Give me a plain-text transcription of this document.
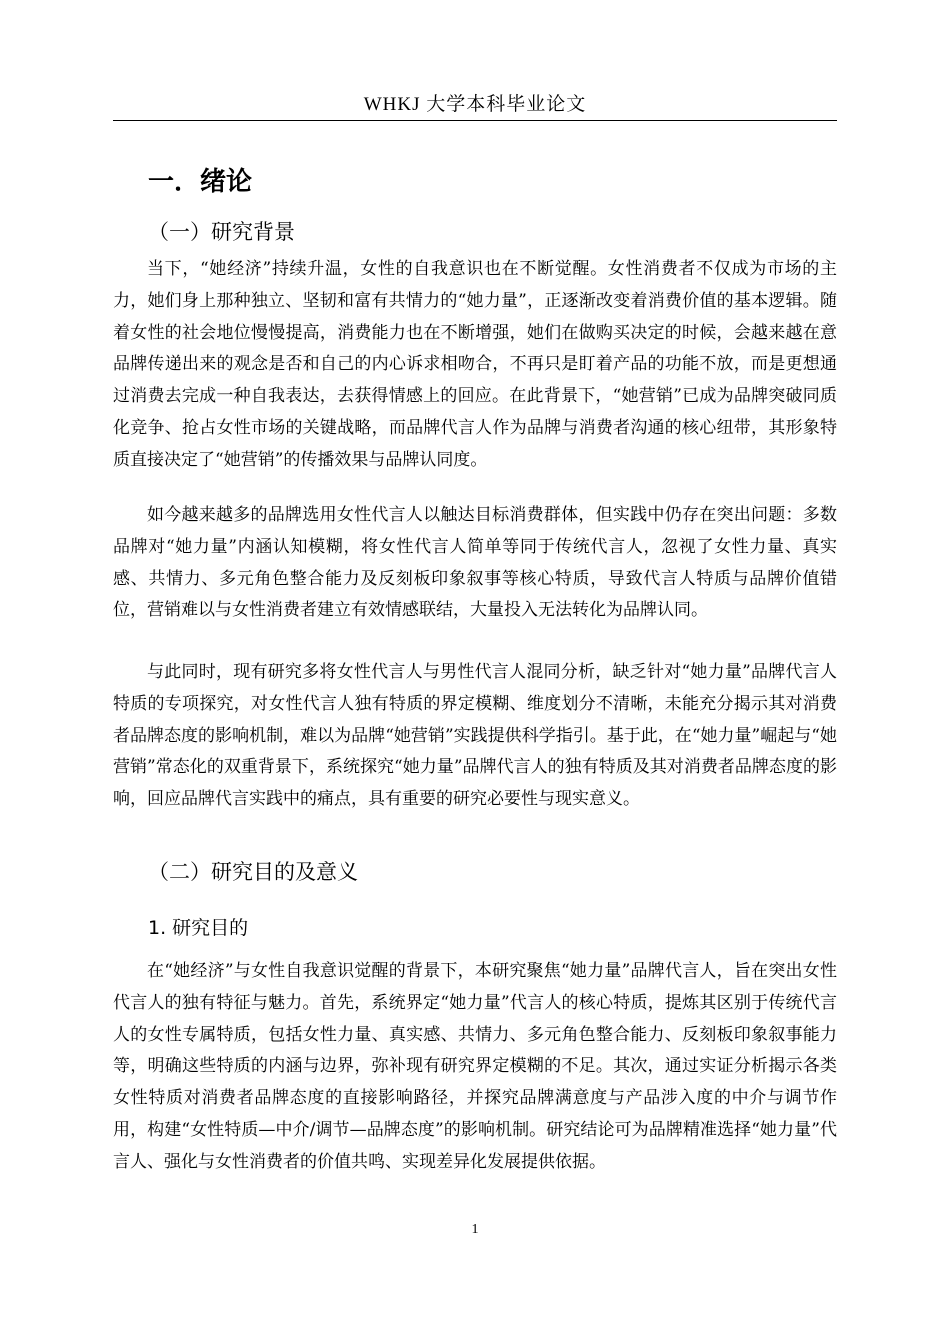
WHKJ 大学本科毕业论文
一．绪论
（一）研究背景

当下，“她经济”持续升温，女性的自我意识也在不断觉醒。女性消费者不仅成为市场的主力，她们身上那种独立、坚韧和富有共情力的“她力量”，正逐渐改变着消费价值的基本逻辑。随着女性的社会地位慢慢提高，消费能力也在不断增强，她们在做购买决定的时候，会越来越在意品牌传递出来的观念是否和自己的内心诉求相吻合，不再只是盯着产品的功能不放，而是更想通过消费去完成一种自我表达，去获得情感上的回应。在此背景下，“她营销”已成为品牌突破同质化竞争、抢占女性市场的关键战略，而品牌代言人作为品牌与消费者沟通的核心纽带，其形象特质直接决定了“她营销”的传播效果与品牌认同度。

如今越来越多的品牌选用女性代言人以触达目标消费群体，但实践中仍存在突出问题：多数品牌对“她力量”内涵认知模糊，将女性代言人简单等同于传统代言人，忽视了女性力量、真实感、共情力、多元角色整合能力及反刻板印象叙事等核心特质，导致代言人特质与品牌价值错位，营销难以与女性消费者建立有效情感联结，大量投入无法转化为品牌认同。

与此同时，现有研究多将女性代言人与男性代言人混同分析，缺乏针对“她力量”品牌代言人特质的专项探究，对女性代言人独有特质的界定模糊、维度划分不清晰，未能充分揭示其对消费者品牌态度的影响机制，难以为品牌“她营销”实践提供科学指引。基于此，在“她力量”崛起与“她营销”常态化的双重背景下，系统探究“她力量”品牌代言人的独有特质及其对消费者品牌态度的影响，回应品牌代言实践中的痛点，具有重要的研究必要性与现实意义。

（二）研究目的及意义
1. 研究目的

在“她经济”与女性自我意识觉醒的背景下，本研究聚焦“她力量”品牌代言人，旨在突出女性代言人的独有特征与魅力。首先，系统界定“她力量”代言人的核心特质，提炼其区别于传统代言人的女性专属特质，包括女性力量、真实感、共情力、多元角色整合能力、反刻板印象叙事能力等，明确这些特质的内涵与边界，弥补现有研究界定模糊的不足。其次，通过实证分析揭示各类女性特质对消费者品牌态度的直接影响路径，并探究品牌满意度与产品涉入度的中介与调节作用，构建“女性特质—中介/调节—品牌态度”的影响机制。研究结论可为品牌精准选择“她力量”代言人、强化与女性消费者的价值共鸣、实现差异化发展提供依据。

1
